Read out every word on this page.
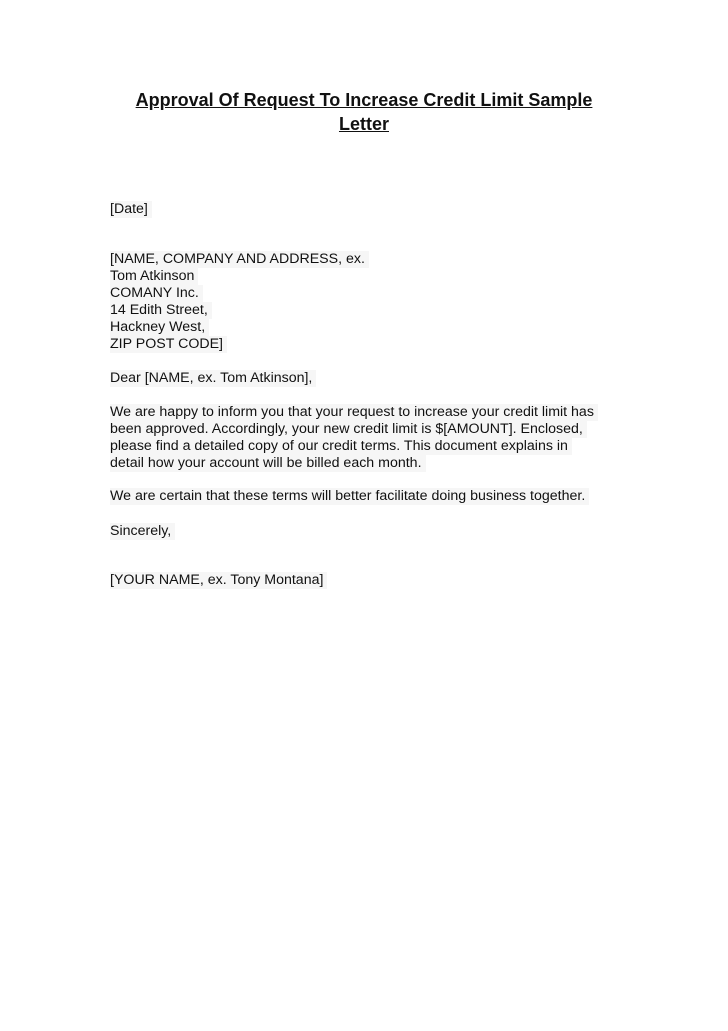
Approval Of Request To Increase Credit Limit Sample
Letter
[Date]
[NAME, COMPANY AND ADDRESS, ex.
Tom Atkinson
COMANY Inc.
14 Edith Street,
Hackney West,
ZIP POST CODE]
Dear [NAME, ex. Tom Atkinson],
We are happy to inform you that your request to increase your credit limit has
been approved. Accordingly, your new credit limit is $[AMOUNT]. Enclosed,
please find a detailed copy of our credit terms. This document explains in
detail how your account will be billed each month.
We are certain that these terms will better facilitate doing business together.
Sincerely,
[YOUR NAME, ex. Tony Montana]
